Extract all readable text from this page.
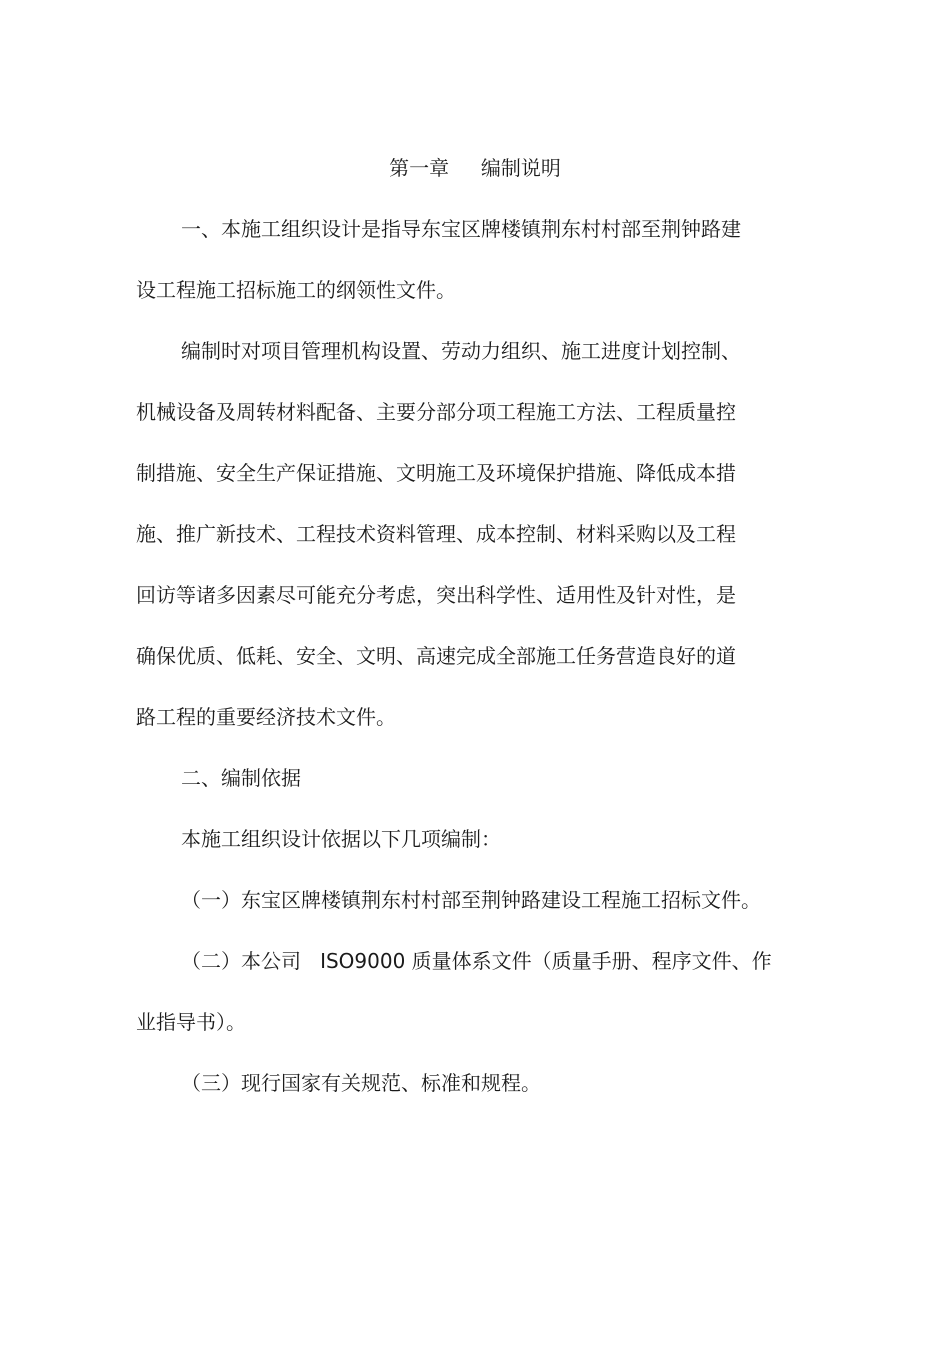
第一章     编制说明

一、本施工组织设计是指导东宝区牌楼镇荆东村村部至荆钟路建

设工程施工招标施工的纲领性文件。

编制时对项目管理机构设置、劳动力组织、施工进度计划控制、

机械设备及周转材料配备、主要分部分项工程施工方法、工程质量控

制措施、安全生产保证措施、文明施工及环境保护措施、降低成本措

施、推广新技术、工程技术资料管理、成本控制、材料采购以及工程

回访等诸多因素尽可能充分考虑，突出科学性、适用性及针对性，是

确保优质、低耗、安全、文明、高速完成全部施工任务营造良好的道

路工程的重要经济技术文件。

二、编制依据

本施工组织设计依据以下几项编制：

（一）东宝区牌楼镇荆东村村部至荆钟路建设工程施工招标文件。

（二）本公司   ISO9000 质量体系文件（质量手册、程序文件、作

业指导书）。

（三）现行国家有关规范、标准和规程。
